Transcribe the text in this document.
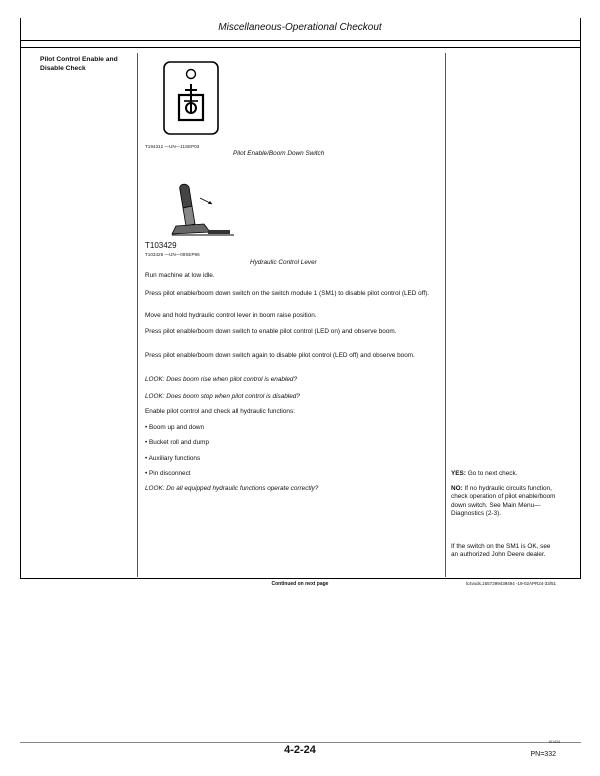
Miscellaneous-Operational Checkout
Pilot Control Enable and Disable Check
T194312 —UN—11SEP03
Pilot Enable/Boom Down Switch
T103429
T103429 —UN—09SEP96
Hydraulic Control Lever
Run machine at low idle.
Press pilot enable/boom down switch on the switch module 1 (SM1) to disable pilot control (LED off).
Move and hold hydraulic control lever in boom raise position.
Press pilot enable/boom down switch to enable pilot control (LED on) and observe boom.
Press pilot enable/boom down switch again to disable pilot control (LED off) and observe boom.
LOOK: Does boom rise when pilot control is enabled?
LOOK: Does boom stop when pilot control is disabled?
Enable pilot control and check all hydraulic functions:
• Boom up and down
• Bucket roll and dump
• Auxiliary functions
• Pin disconnect
LOOK: Do all equipped hydraulic functions operate correctly?
YES: Go to next check.
NO: If no hydraulic circuits function, check operation of pilot enable/boom down switch. See Main Menu—Diagnostics (2-3).
If the switch on the SM1 is OK, see an authorized John Deere dealer.
Continued on next page	lc4vxds,1657299439494 -19-02APR24-33/51
4-2-24
101424
PN=332
